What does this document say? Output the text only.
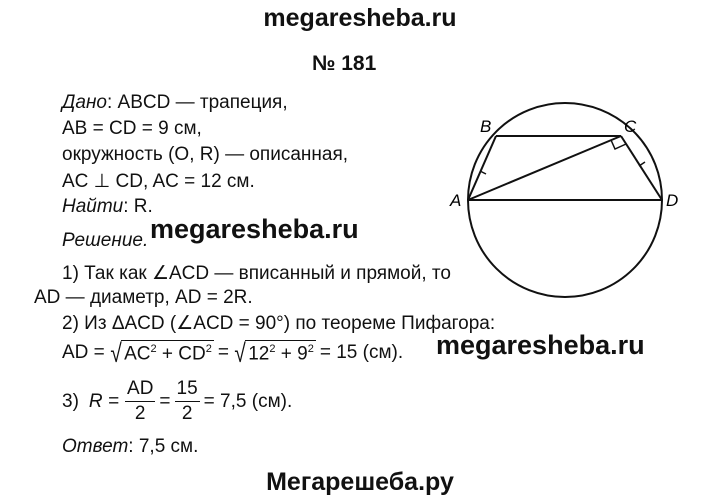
megaresheba.ru
№ 181
Дано: ABCD — трапеция,
AB = CD = 9 см,
окружность (O, R) — описанная,
AC ⊥ CD, AC = 12 см.
Найти: R.
Решение. megaresheba.ru
1) Так как ∠ACD — вписанный и прямой, то
AD — диаметр, AD = 2R.
2) Из ΔACD (∠ACD = 90°) по теореме Пифагора:
AD = √ $AC^2 + CD^2$ = √ $12^2 + 9^2 = 15$ (см). megaresheba.ru
3) $R = \frac{AD}{2} = \frac{15}{2} = 7,5$ (см).
Ответ: 7,5 см.
B	C
A	D
Мегарешеба.ру
